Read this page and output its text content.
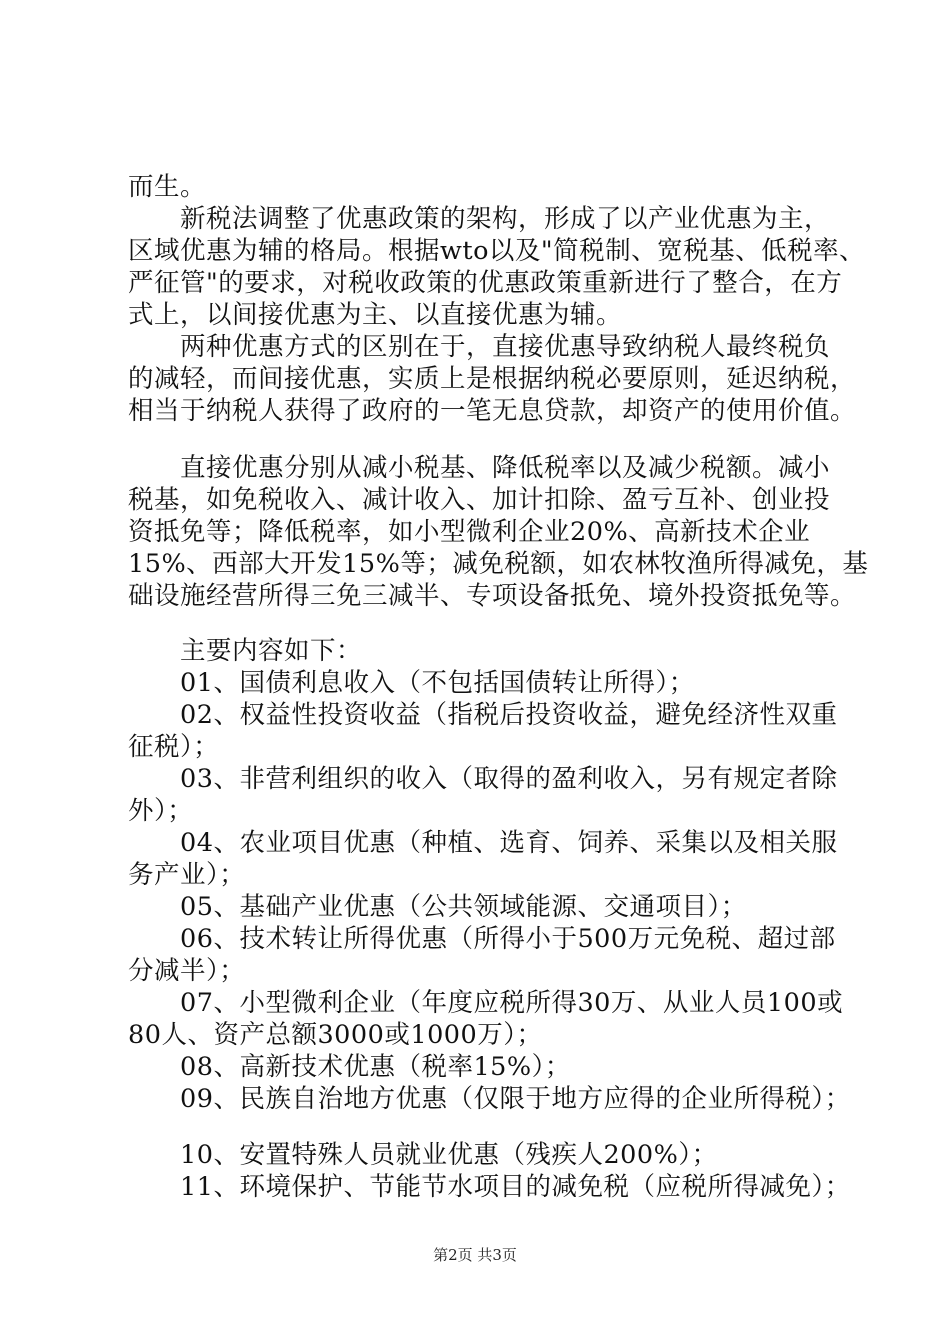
而生。
新税法调整了优惠政策的架构，形成了以产业优惠为主，
区域优惠为辅的格局。根据wto以及"简税制、宽税基、低税率、
严征管"的要求，对税收政策的优惠政策重新进行了整合，在方
式上，以间接优惠为主、以直接优惠为辅。
两种优惠方式的区别在于，直接优惠导致纳税人最终税负
的减轻，而间接优惠，实质上是根据纳税必要原则，延迟纳税，
相当于纳税人获得了政府的一笔无息贷款，却资产的使用价值。
直接优惠分别从减小税基、降低税率以及减少税额。减小
税基，如免税收入、减计收入、加计扣除、盈亏互补、创业投
资抵免等；降低税率，如小型微利企业20%、高新技术企业
15%、西部大开发15%等；减免税额，如农林牧渔所得减免，基
础设施经营所得三免三减半、专项设备抵免、境外投资抵免等。
主要内容如下：
01、国债利息收入（不包括国债转让所得）；
02、权益性投资收益（指税后投资收益，避免经济性双重
征税）；
03、非营利组织的收入（取得的盈利收入，另有规定者除
外）；
04、农业项目优惠（种植、选育、饲养、采集以及相关服
务产业）；
05、基础产业优惠（公共领域能源、交通项目）；
06、技术转让所得优惠（所得小于500万元免税、超过部
分减半）；
07、小型微利企业（年度应税所得30万、从业人员100或
80人、资产总额3000或1000万）；
08、高新技术优惠（税率15%）；
09、民族自治地方优惠（仅限于地方应得的企业所得税）；
10、安置特殊人员就业优惠（残疾人200%）；
11、环境保护、节能节水项目的减免税（应税所得减免）；
第2页 共3页
